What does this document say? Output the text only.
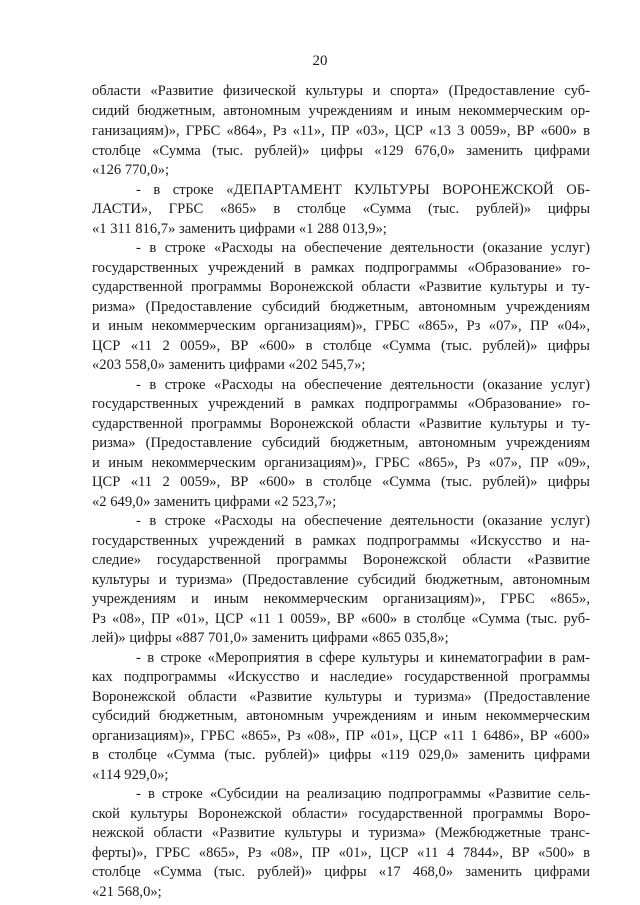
20
области «Развитие физической культуры и спорта» (Предоставление суб-
сидий бюджетным, автономным учреждениям и иным некоммерческим ор-
ганизациям)», ГРБС «864», Рз «11», ПР «03», ЦСР «13 3 0059», ВР «600» в
столбце «Сумма (тыс. рублей)» цифры «129 676,0» заменить цифрами
«126 770,0»;
- в строке «ДЕПАРТАМЕНТ КУЛЬТУРЫ ВОРОНЕЖСКОЙ ОБ-
ЛАСТИ», ГРБС «865» в столбце «Сумма (тыс. рублей)» цифры
«1 311 816,7» заменить цифрами «1 288 013,9»;
- в строке «Расходы на обеспечение деятельности (оказание услуг)
государственных учреждений в рамках подпрограммы «Образование» го-
сударственной программы Воронежской области «Развитие культуры и ту-
ризма» (Предоставление субсидий бюджетным, автономным учреждениям
и иным некоммерческим организациям)», ГРБС «865», Рз «07», ПР «04»,
ЦСР «11 2 0059», ВР «600» в столбце «Сумма (тыс. рублей)» цифры
«203 558,0» заменить цифрами «202 545,7»;
- в строке «Расходы на обеспечение деятельности (оказание услуг)
государственных учреждений в рамках подпрограммы «Образование» го-
сударственной программы Воронежской области «Развитие культуры и ту-
ризма» (Предоставление субсидий бюджетным, автономным учреждениям
и иным некоммерческим организациям)», ГРБС «865», Рз «07», ПР «09»,
ЦСР «11 2 0059», ВР «600» в столбце «Сумма (тыс. рублей)» цифры
«2 649,0» заменить цифрами «2 523,7»;
- в строке «Расходы на обеспечение деятельности (оказание услуг)
государственных учреждений в рамках подпрограммы «Искусство и на-
следие» государственной программы Воронежской области «Развитие
культуры и туризма» (Предоставление субсидий бюджетным, автономным
учреждениям и иным некоммерческим организациям)», ГРБС «865»,
Рз «08», ПР «01», ЦСР «11 1 0059», ВР «600» в столбце «Сумма (тыс. руб-
лей)» цифры «887 701,0» заменить цифрами «865 035,8»;
- в строке «Мероприятия в сфере культуры и кинематографии в рам-
ках подпрограммы «Искусство и наследие» государственной программы
Воронежской области «Развитие культуры и туризма» (Предоставление
субсидий бюджетным, автономным учреждениям и иным некоммерческим
организациям)», ГРБС «865», Рз «08», ПР «01», ЦСР «11 1 6486», ВР «600»
в столбце «Сумма (тыс. рублей)» цифры «119 029,0» заменить цифрами
«114 929,0»;
- в строке «Субсидии на реализацию подпрограммы «Развитие сель-
ской культуры Воронежской области» государственной программы Воро-
нежской области «Развитие культуры и туризма» (Межбюджетные транс-
ферты)», ГРБС «865», Рз «08», ПР «01», ЦСР «11 4 7844», ВР «500» в
столбце «Сумма (тыс. рублей)» цифры «17 468,0» заменить цифрами
«21 568,0»;
